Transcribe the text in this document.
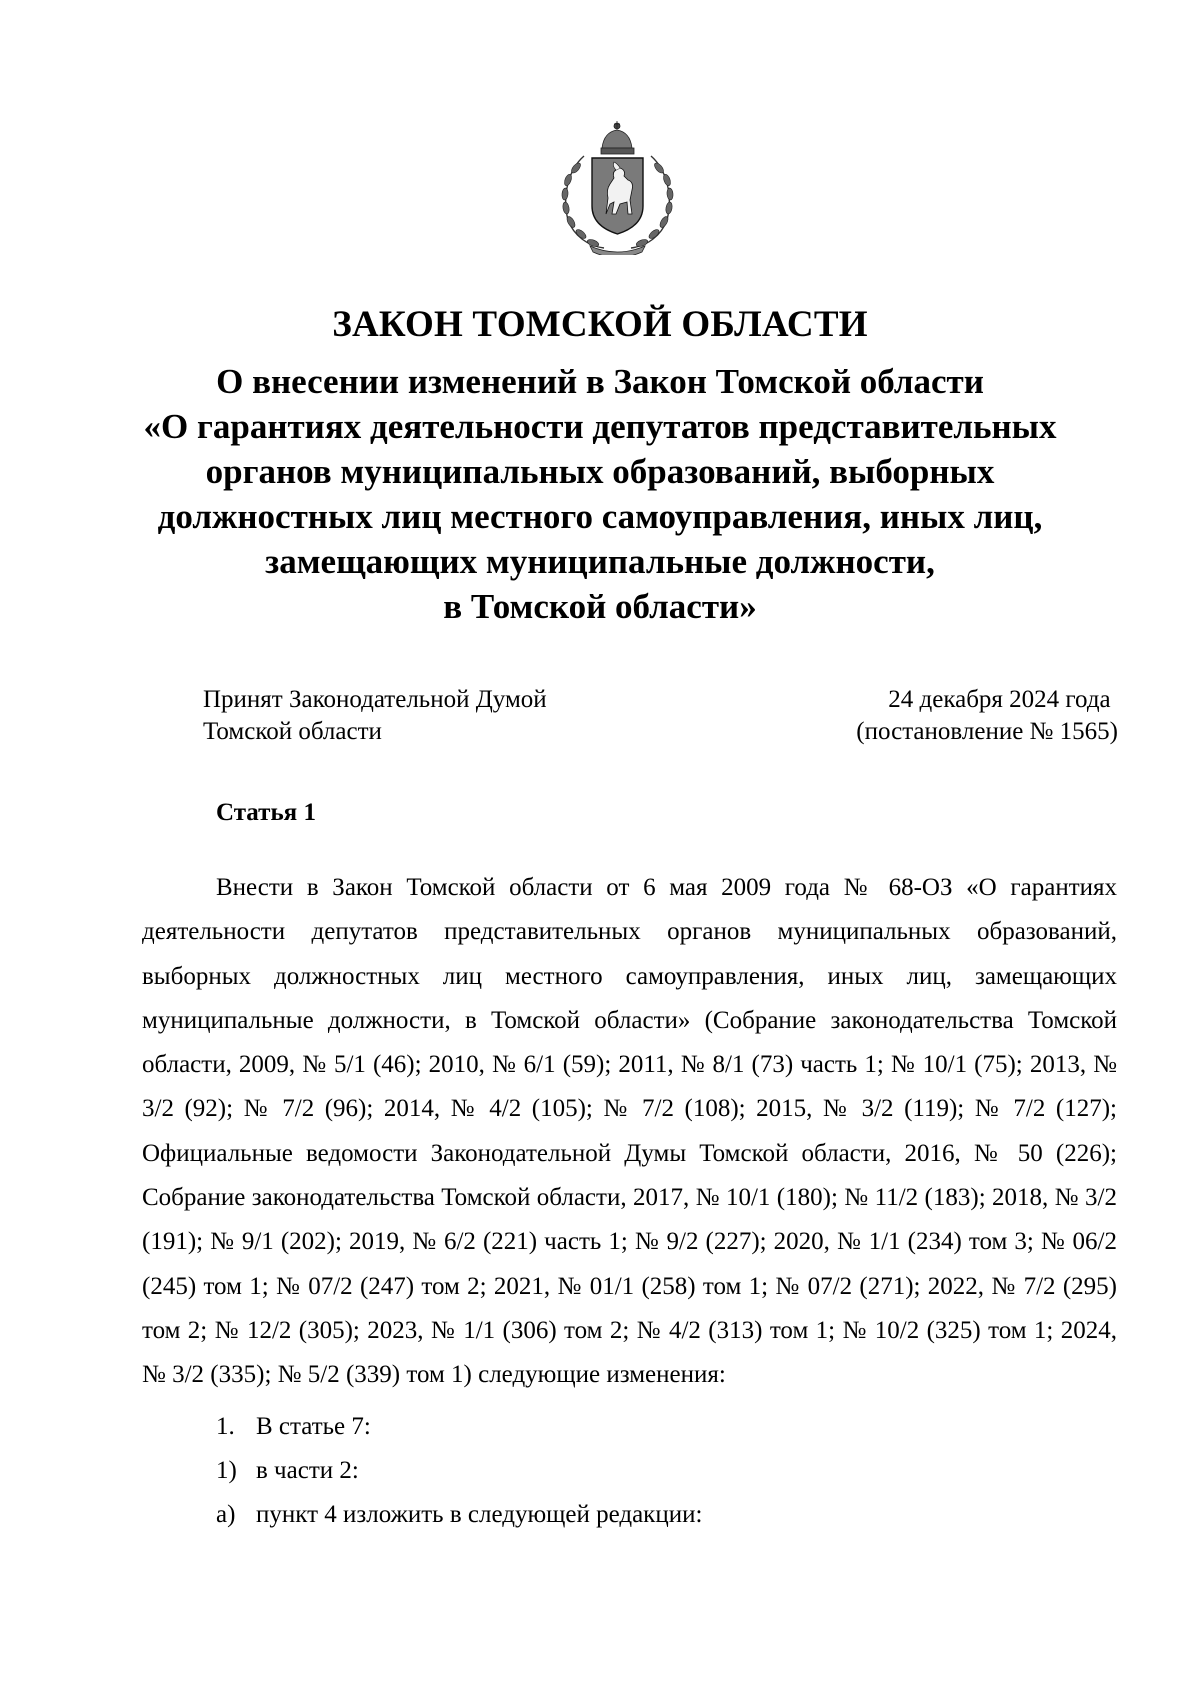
ЗАКОН ТОМСКОЙ ОБЛАСТИ

О внесении изменений в Закон Томской области

«О гарантиях деятельности депутатов представительных

органов муниципальных образований, выборных

должностных лиц местного самоуправления, иных лиц,

замещающих муниципальные должности,

в Томской области»

Принят Законодательной Думой
Томской области
24 декабря 2024 года
(постановление № 1565)
Статья 1

Внести в Закон Томской области от 6 мая 2009 года № 68-ОЗ «О гарантиях деятельности депутатов представительных органов муниципальных образований, выборных должностных лиц местного самоуправления, иных лиц, замещающих муниципальные должности, в Томской области» (Собрание законодательства Томской области, 2009, № 5/1 (46); 2010, № 6/1 (59); 2011, № 8/1 (73) часть 1; № 10/1 (75); 2013, № 3/2 (92); № 7/2 (96); 2014, № 4/2 (105); № 7/2 (108); 2015, № 3/2 (119); № 7/2 (127); Официальные ведомости Законодательной Думы Томской области, 2016, № 50 (226); Собрание законодательства Томской области, 2017, № 10/1 (180); № 11/2 (183); 2018, № 3/2 (191); № 9/1 (202); 2019, № 6/2 (221) часть 1; № 9/2 (227); 2020, № 1/1 (234) том 3; № 06/2 (245) том 1; № 07/2 (247) том 2; 2021, № 01/1 (258) том 1; № 07/2 (271); 2022, № 7/2 (295) том 2; № 12/2 (305); 2023, № 1/1 (306) том 2; № 4/2 (313) том 1; № 10/2 (325) том 1; 2024, № 3/2 (335); № 5/2 (339) том 1) следующие изменения:

1. В статье 7:
1) в части 2:
а) пункт 4 изложить в следующей редакции:
